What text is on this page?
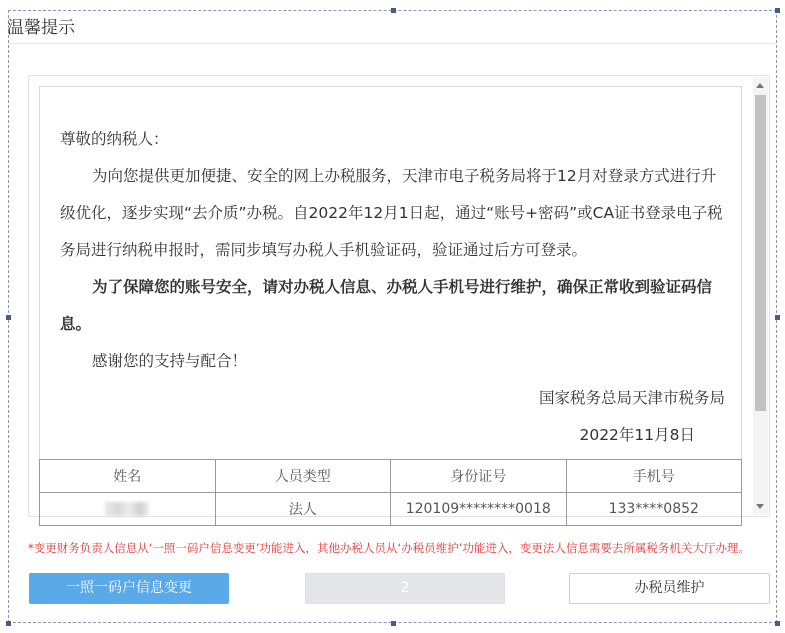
温馨提示

尊敬的纳税人：

为向您提供更加便捷、安全的网上办税服务，天津市电子税务局将于12月对登录方式进行升级优化，逐步实现“去介质”办税。自2022年12月1日起，通过“账号+密码”或CA证书登录电子税务局进行纳税申报时，需同步填写办税人手机验证码，验证通过后方可登录。

为了保障您的账号安全，请对办税人信息、办税人手机号进行维护，确保正常收到验证码信息。

感谢您的支持与配合！

国家税务总局天津市税务局

2022年11月8日

姓名	人员类型	身份证号	手机号
	法人	120109********0018	133****0852
*变更财务负责人信息从‘一照一码户信息变更’功能进入，其他办税人员从‘办税员维护’功能进入，变更法人信息需要去所属税务机关大厅办理。
一照一码户信息变更	2	办税员维护
